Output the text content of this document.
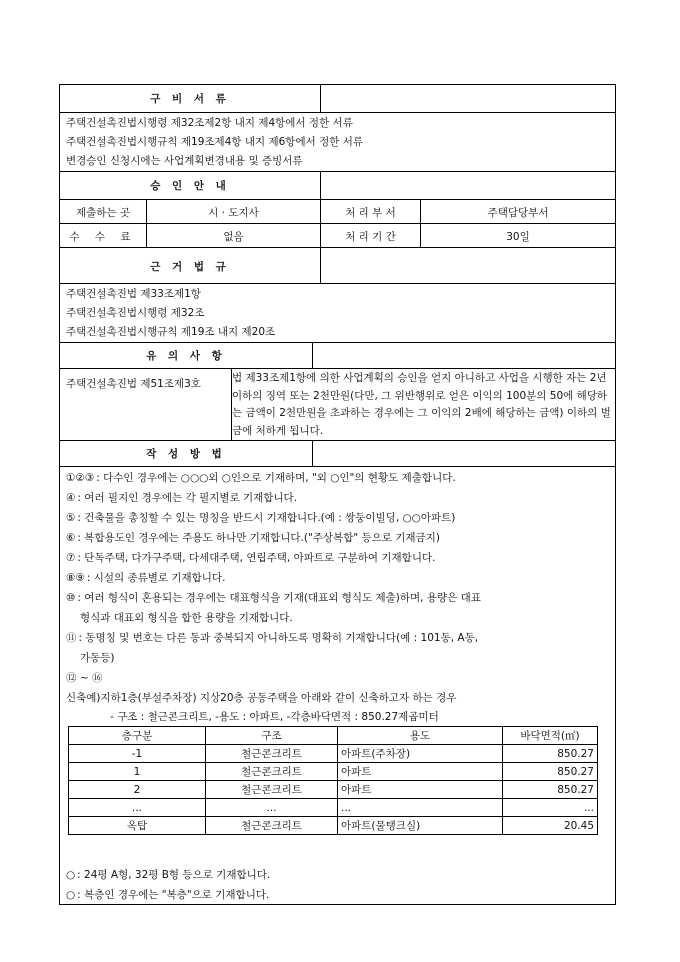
구 비 서 류
주택건설촉진법시행령 제32조제2항 내지 제4항에서 정한 서류
주택건설촉진법시행규칙 제19조제4항 내지 제6항에서 정한 서류
변경승인 신청시에는 사업계획변경내용 및 증빙서류
승 인 안 내
제출하는 곳	시 · 도지사	처 리 부 서	주택담당부서
수 수 료	없음	처 리 기 간	30일
근 거 법 규
주택건설촉진법 제33조제1항
주택건설촉진법시행령 제32조
주택건설촉진법시행규칙 제19조 내지 제20조
유 의 사 항
주택건설촉진법 제51조제3호	법 제33조제1항에 의한 사업계획의 승인을 얻지 아니하고 사업을 시행한 자는 2년 이하의 징역 또는 2천만원(다만, 그 위반행위로 얻은 이익의 100분의 50에 해당하는 금액이 2천만원을 초과하는 경우에는 그 이익의 2배에 해당하는 금액) 이하의 벌금에 처하게 됩니다.
작 성 방 법
①②③ : 다수인 경우에는 ○○○외 ○인으로 기재하며, "외 ○인"의 현황도 제출합니다.
④ : 여러 필지인 경우에는 각 필지별로 기재합니다.
⑤ : 건축물을 총칭할 수 있는 명칭을 반드시 기재합니다.(예 : 쌍둥이빌딩, ○○아파트)
⑥ : 복합용도인 경우에는 주용도 하나만 기재합니다.("주상복합" 등으로 기재금지)
⑦ : 단독주택, 다가구주택, 다세대주택, 연립주택, 아파트로 구분하여 기재합니다.
⑧⑨ : 시설의 종류별로 기재합니다.
⑩ : 여러 형식이 혼용되는 경우에는 대표형식을 기재(대표외 형식도 제출)하며, 용량은 대표
형식과 대표외 형식을 합한 용량을 기재합니다.
⑪ : 동명칭 및 번호는 다른 동과 중복되지 아니하도록 명확히 기재합니다(예 : 101동, A동,
가동등)
⑫ ~ ⑯
신축예)지하1층(부설주차장) 지상20층 공동주택을 아래와 같이 신축하고자 하는 경우
- 구조 : 철근콘크리트, -용도 : 아파트, -각층바닥면적 : 850.27제곱미터
층구분	구조	용도	바닥면적(㎡)
-1	철근콘크리트	아파트(주차장)	850.27
1	철근콘크리트	아파트	850.27
2	철근콘크리트	아파트	850.27
...	...	...	...
옥탑	철근콘크리트	아파트(물탱크실)	20.45
○ : 24평 A형, 32평 B형 등으로 기재합니다.
○ : 복층인 경우에는 "복층"으로 기재합니다.
